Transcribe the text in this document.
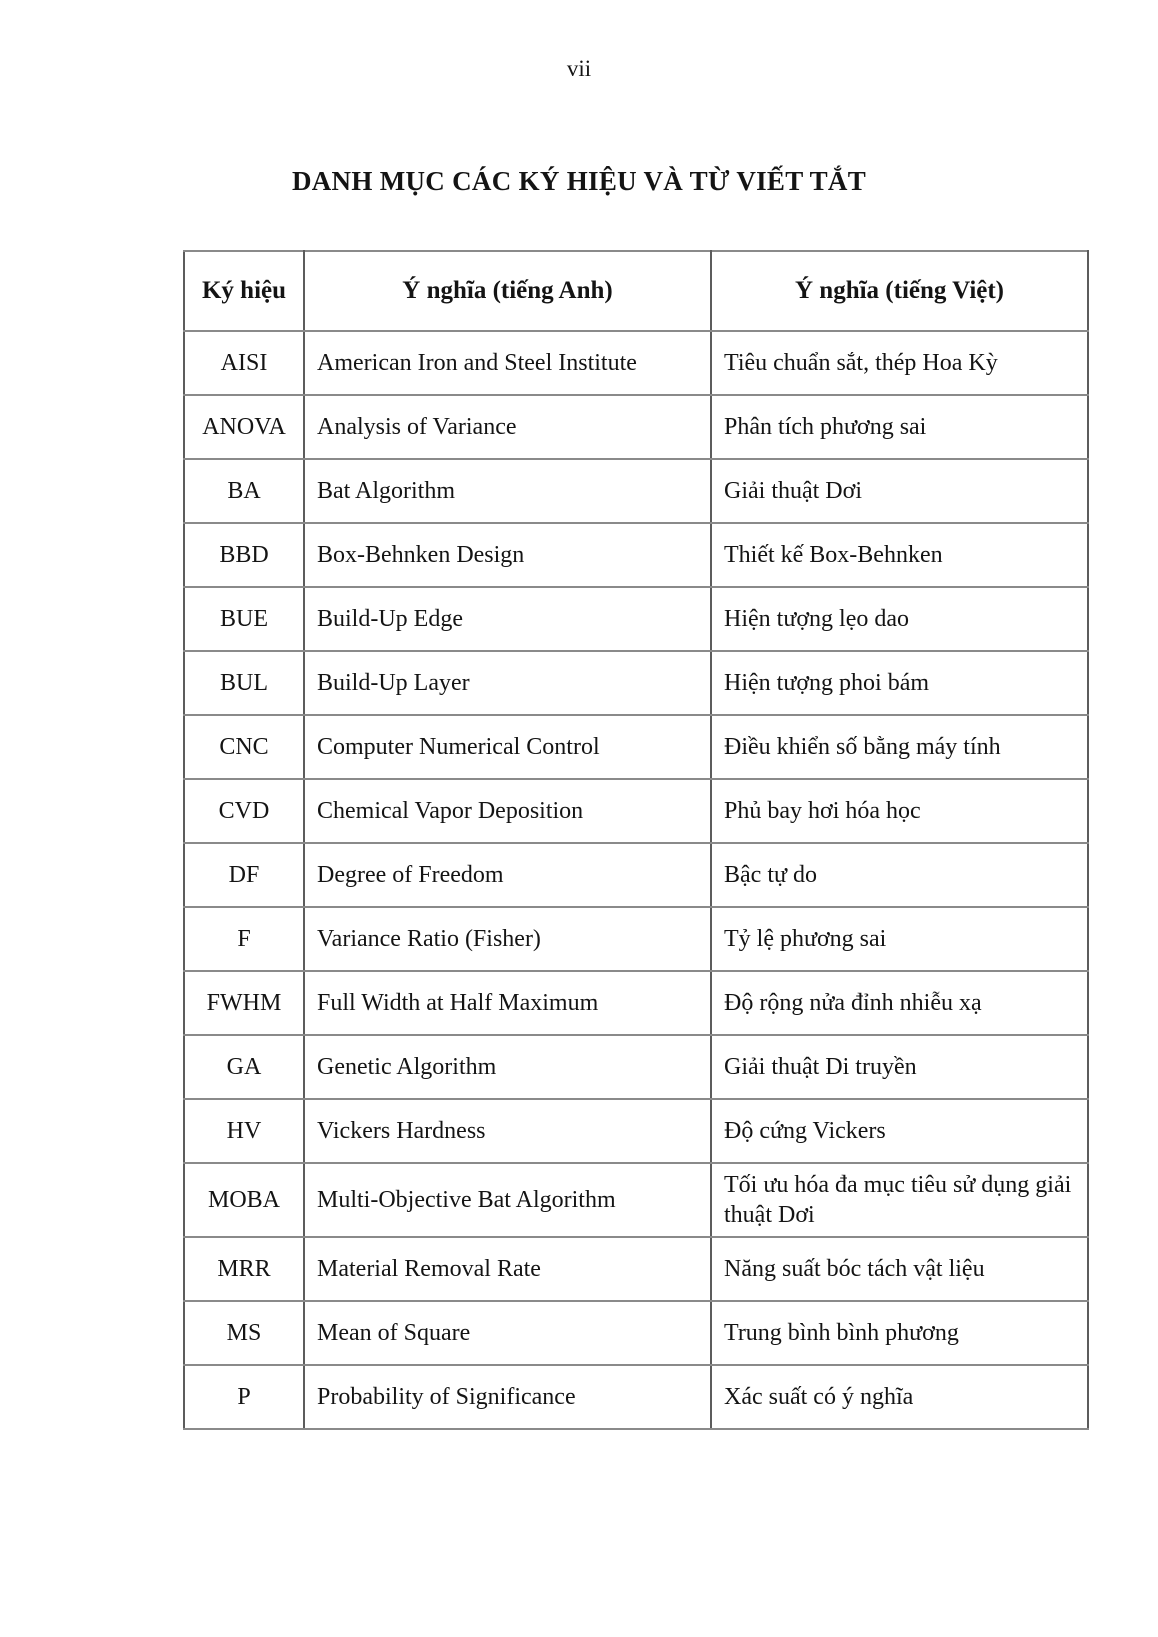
vii
DANH MỤC CÁC KÝ HIỆU VÀ TỪ VIẾT TẮT
Ký hiệu	Ý nghĩa (tiếng Anh)	Ý nghĩa (tiếng Việt)
AISI	American Iron and Steel Institute	Tiêu chuẩn sắt, thép Hoa Kỳ
ANOVA	Analysis of Variance	Phân tích phương sai
BA	Bat Algorithm	Giải thuật Dơi
BBD	Box-Behnken Design	Thiết kế Box-Behnken
BUE	Build-Up Edge	Hiện tượng lẹo dao
BUL	Build-Up Layer	Hiện tượng phoi bám
CNC	Computer Numerical Control	Điều khiển số bằng máy tính
CVD	Chemical Vapor Deposition	Phủ bay hơi hóa học
DF	Degree of Freedom	Bậc tự do
F	Variance Ratio (Fisher)	Tỷ lệ phương sai
FWHM	Full Width at Half Maximum	Độ rộng nửa đỉnh nhiễu xạ
GA	Genetic Algorithm	Giải thuật Di truyền
HV	Vickers Hardness	Độ cứng Vickers
MOBA	Multi-Objective Bat Algorithm	Tối ưu hóa đa mục tiêu sử dụng giải thuật Dơi
MRR	Material Removal Rate	Năng suất bóc tách vật liệu
MS	Mean of Square	Trung bình bình phương
P	Probability of Significance	Xác suất có ý nghĩa
